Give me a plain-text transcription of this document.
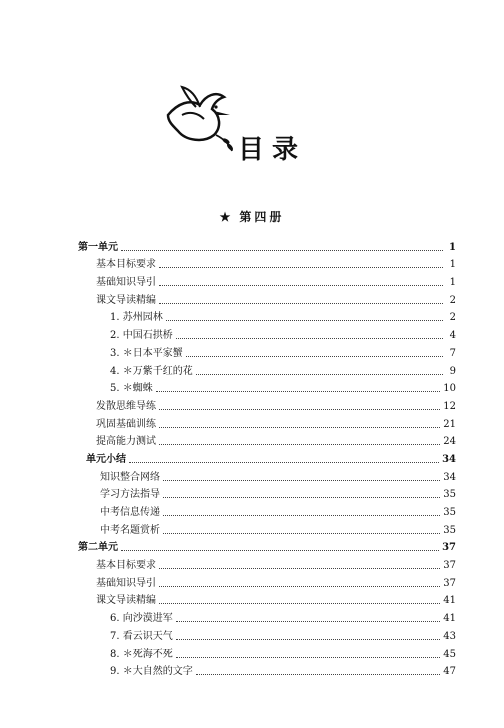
目录
★ 第四册
第一单元	1
基本目标要求	1
基础知识导引	1
课文导读精编	2
1. 苏州园林	2
2. 中国石拱桥	4
3. ＊日本平家蟹	7
4. ＊万紫千红的花	9
5. ＊蜘蛛	10
发散思维导练	12
巩固基础训练	21
提高能力测试	24
单元小结	34
知识整合网络	34
学习方法指导	35
中考信息传递	35
中考名题赏析	35
第二单元	37
基本目标要求	37
基础知识导引	37
课文导读精编	41
6. 向沙漠进军	41
7. 看云识天气	43
8. ＊死海不死	45
9. ＊大自然的文字	47
